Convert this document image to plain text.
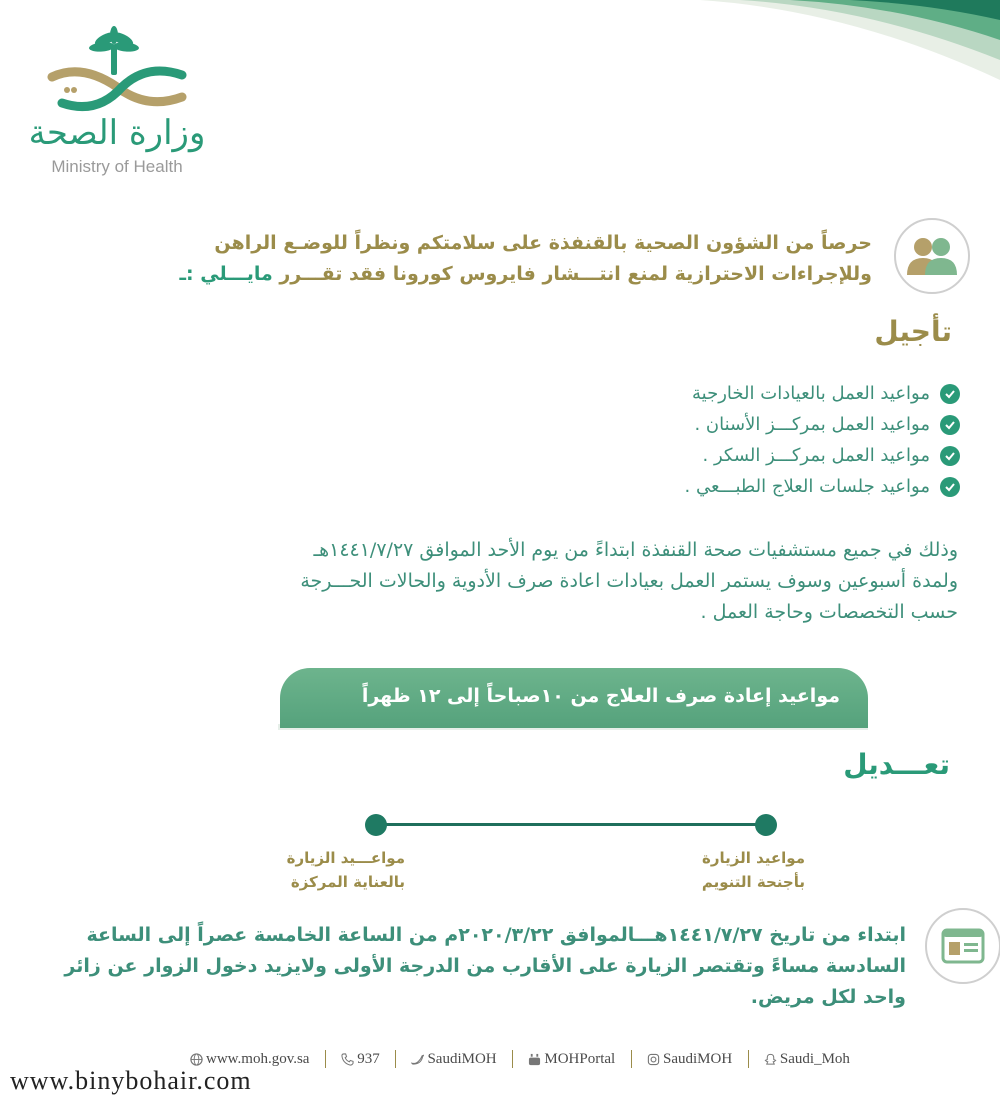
وزارة الصحة
Ministry of Health
حرصاً من الشؤون الصحية بالقنفذة على سلامتكم ونظراً للوضـع الراهن
وللإجراءات الاحترازية لمنع انتـــشار فايروس كورونا فقد تقـــرر مايـــلي :ـ
تأجيل
مواعيد العمل بالعيادات الخارجية
مواعيد العمل بمركـــز الأسنان .
مواعيد العمل بمركـــز السكر .
مواعيد جلسات العلاج الطبـــعي .
وذلك في جميع مستشفيات صحة القنفذة ابتداءً من يوم الأحد الموافق ١٤٤١/٧/٢٧هـ
ولمدة أسبوعين وسوف يستمر العمل بعيادات اعادة صرف الأدوية والحالات الحـــرجة
حسب التخصصات وحاجة العمل .
مواعيد إعادة صرف العلاج من ١٠صباحاً إلى ١٢ ظهراً
تعـــديل
مواعيد الزيارة
بأجنحة التنويم
مواعـــيد الزيارة
بالعناية المركزة
ابتداء من تاريخ ١٤٤١/٧/٢٧هـــالموافق ٢٠٢٠/٣/٢٢م من الساعة الخامسة عصراً إلى الساعة
السادسة مساءً وتقتصر الزيارة على الأقارب من الدرجة الأولى ولايزيد دخول الزوار عن زائر
واحد لكل مريض.
www.moh.gov.sa	937	SaudiMOH	MOHPortal	SaudiMOH	Saudi_Moh
www.binybohair.com
